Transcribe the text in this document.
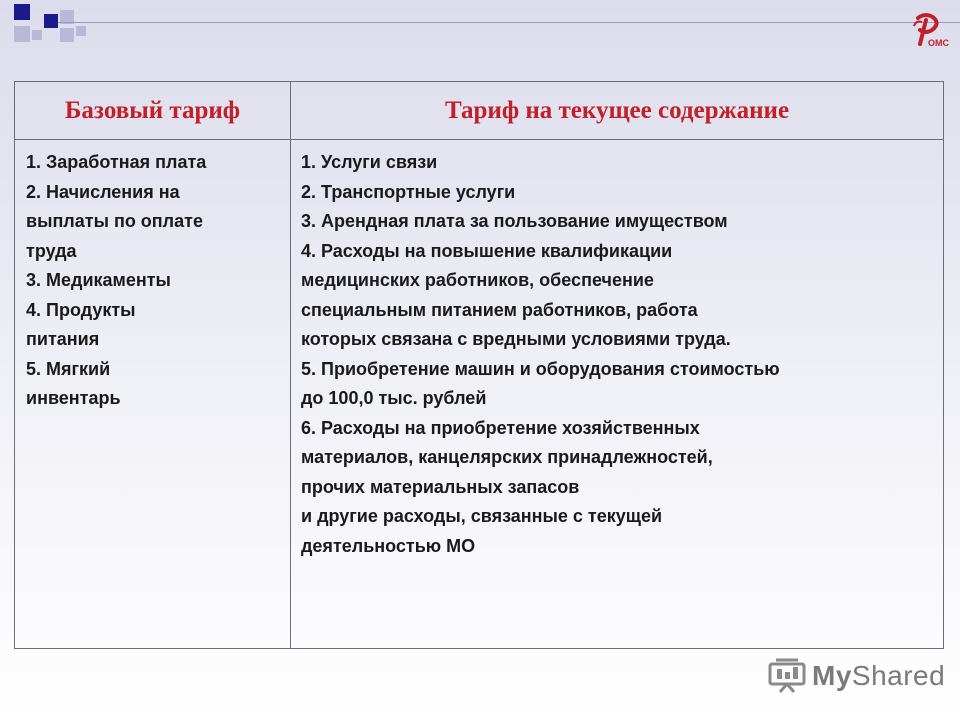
ОМС
Базовый тариф	Тариф на текущее содержание
1. Заработная плата
2. Начисления на
выплаты по оплате
труда
3. Медикаменты
4. Продукты
питания
5. Мягкий
инвентарь
1. Услуги связи
2. Транспортные услуги
3. Арендная плата за пользование имуществом
4. Расходы на повышение квалификации
медицинских работников, обеспечение
специальным питанием работников, работа
которых связана с вредными условиями труда.
5. Приобретение машин и оборудования стоимостью
до 100,0 тыс. рублей
6. Расходы на приобретение хозяйственных
материалов, канцелярских принадлежностей,
прочих материальных запасов
и другие расходы, связанные с текущей
деятельностью МО
MyShared
